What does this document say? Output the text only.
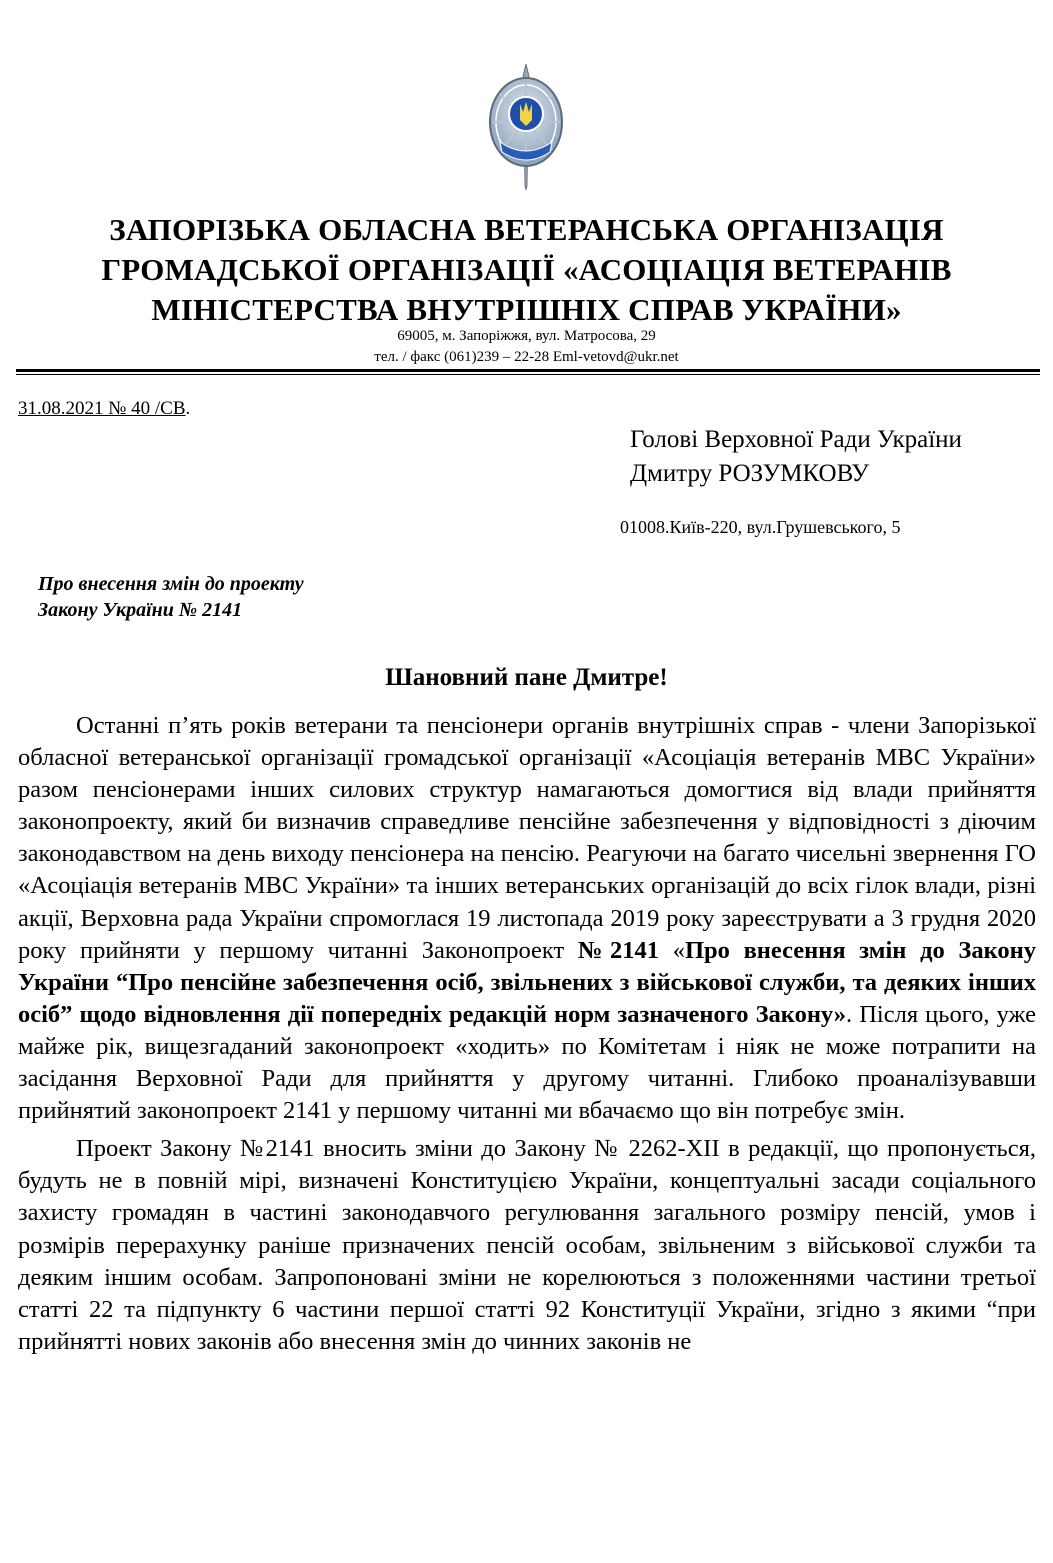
ЗАПОРІЗЬКА ОБЛАСНА ВЕТЕРАНСЬКА ОРГАНІЗАЦІЯ
ГРОМАДСЬКОЇ ОРГАНІЗАЦІЇ «АСОЦІАЦІЯ ВЕТЕРАНІВ
МІНІСТЕРСТВА ВНУТРІШНІХ СПРАВ УКРАЇНИ»
69005, м. Запоріжжя, вул. Матросова, 29
тел. / факс (061)239 – 22-28 Eml-vetovd@ukr.net
31.08.2021 № 40 /СВ.
Голові Верховної Ради України
Дмитру РОЗУМКОВУ
01008.Київ-220, вул.Грушевського, 5
Про внесення змін до проекту
Закону України № 2141
Шановний пане Дмитре!

Останні п’ять років ветерани та пенсіонери органів внутрішніх справ - члени Запорізької обласної ветеранської організації громадської організації «Асоціація ветеранів МВС України» разом пенсіонерами інших силових структур намагаються домогтися від влади прийняття законопроекту, який би визначив справедливе пенсійне забезпечення у відповідності з діючим законодавством на день виходу пенсіонера на пенсію. Реагуючи на багато чисельні звернення ГО «Асоціація ветеранів МВС України» та інших ветеранських організацій до всіх гілок влади, різні акції, Верховна рада України спромоглася 19 листопада 2019 року зареєструвати а 3 грудня 2020 року прийняти у першому читанні Законопроект №2141 «Про внесення змін до Закону України “Про пенсійне забезпечення осіб, звільнених з військової служби, та деяких інших осіб” щодо відновлення дії попередніх редакцій норм зазначеного Закону». Після цього, уже майже рік, вищезгаданий законопроект «ходить» по Комітетам і ніяк не може потрапити на засідання Верховної Ради для прийняття у другому читанні. Глибоко проаналізувавши прийнятий законопроект 2141 у першому читанні ми вбачаємо що він потребує змін.

Проект Закону №2141 вносить зміни до Закону № 2262-XII в редакції, що пропонується, будуть не в повній мірі, визначені Конституцією України, концептуальні засади соціального захисту громадян в частині законодавчого регулювання загального розміру пенсій, умов і розмірів перерахунку раніше призначених пенсій особам, звільненим з військової служби та деяким іншим особам. Запропоновані зміни не корелюються з положеннями частини третьої статті 22 та підпункту 6 частини першої статті 92 Конституції України, згідно з якими “при прийнятті нових законів або внесення змін до чинних законів не
